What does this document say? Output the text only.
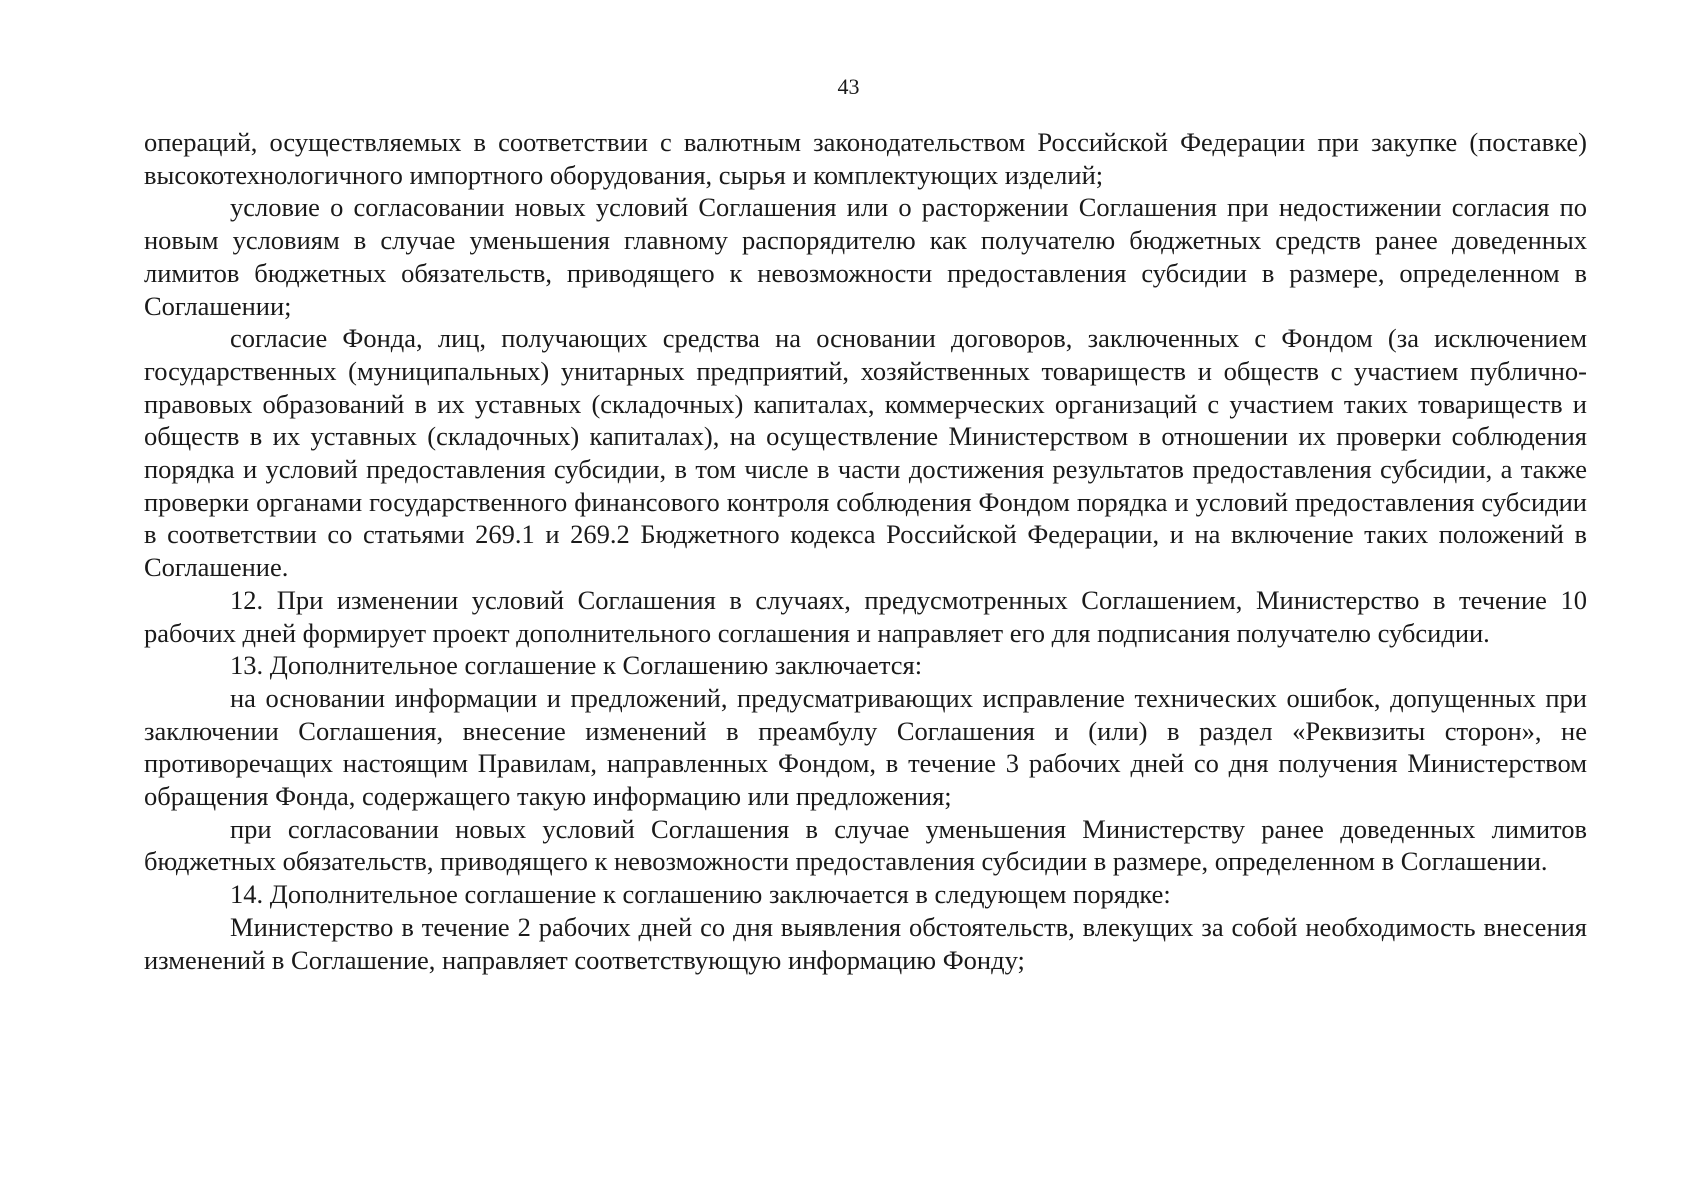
43

операций, осуществляемых в соответствии с валютным законодательством Российской Федерации при закупке (поставке) высокотехнологичного импортного оборудования, сырья и комплектующих изделий;

условие о согласовании новых условий Соглашения или о расторжении Соглашения при недостижении согласия по новым условиям в случае уменьшения главному распорядителю как получателю бюджетных средств ранее доведенных лимитов бюджетных обязательств, приводящего к невозможности предоставления субсидии в размере, определенном в Соглашении;

согласие Фонда, лиц, получающих средства на основании договоров, заключенных с Фондом (за исключением государственных (муниципальных) унитарных предприятий, хозяйственных товариществ и обществ с участием публично-правовых образований в их уставных (складочных) капиталах, коммерческих организаций с участием таких товариществ и обществ в их уставных (складочных) капиталах), на осуществление Министерством в отношении их проверки соблюдения порядка и условий предоставления субсидии, в том числе в части достижения результатов предоставления субсидии, а также проверки органами государственного финансового контроля соблюдения Фондом порядка и условий предоставления субсидии в соответствии со статьями 269.1 и 269.2 Бюджетного кодекса Российской Федерации, и на включение таких положений в Соглашение.

12. При изменении условий Соглашения в случаях, предусмотренных Соглашением, Министерство в течение 10 рабочих дней формирует проект дополнительного соглашения и направляет его для подписания получателю субсидии.

13. Дополнительное соглашение к Соглашению заключается:

на основании информации и предложений, предусматривающих исправление технических ошибок, допущенных при заключении Соглашения, внесение изменений в преамбулу Соглашения и (или) в раздел «Реквизиты сторон», не противоречащих настоящим Правилам, направленных Фондом, в течение 3 рабочих дней со дня получения Министерством обращения Фонда, содержащего такую информацию или предложения;

при согласовании новых условий Соглашения в случае уменьшения Министерству ранее доведенных лимитов бюджетных обязательств, приводящего к невозможности предоставления субсидии в размере, определенном в Соглашении.

14. Дополнительное соглашение к соглашению заключается в следующем порядке:

Министерство в течение 2 рабочих дней со дня выявления обстоятельств, влекущих за собой необходимость внесения изменений в Соглашение, направляет соответствующую информацию Фонду;
